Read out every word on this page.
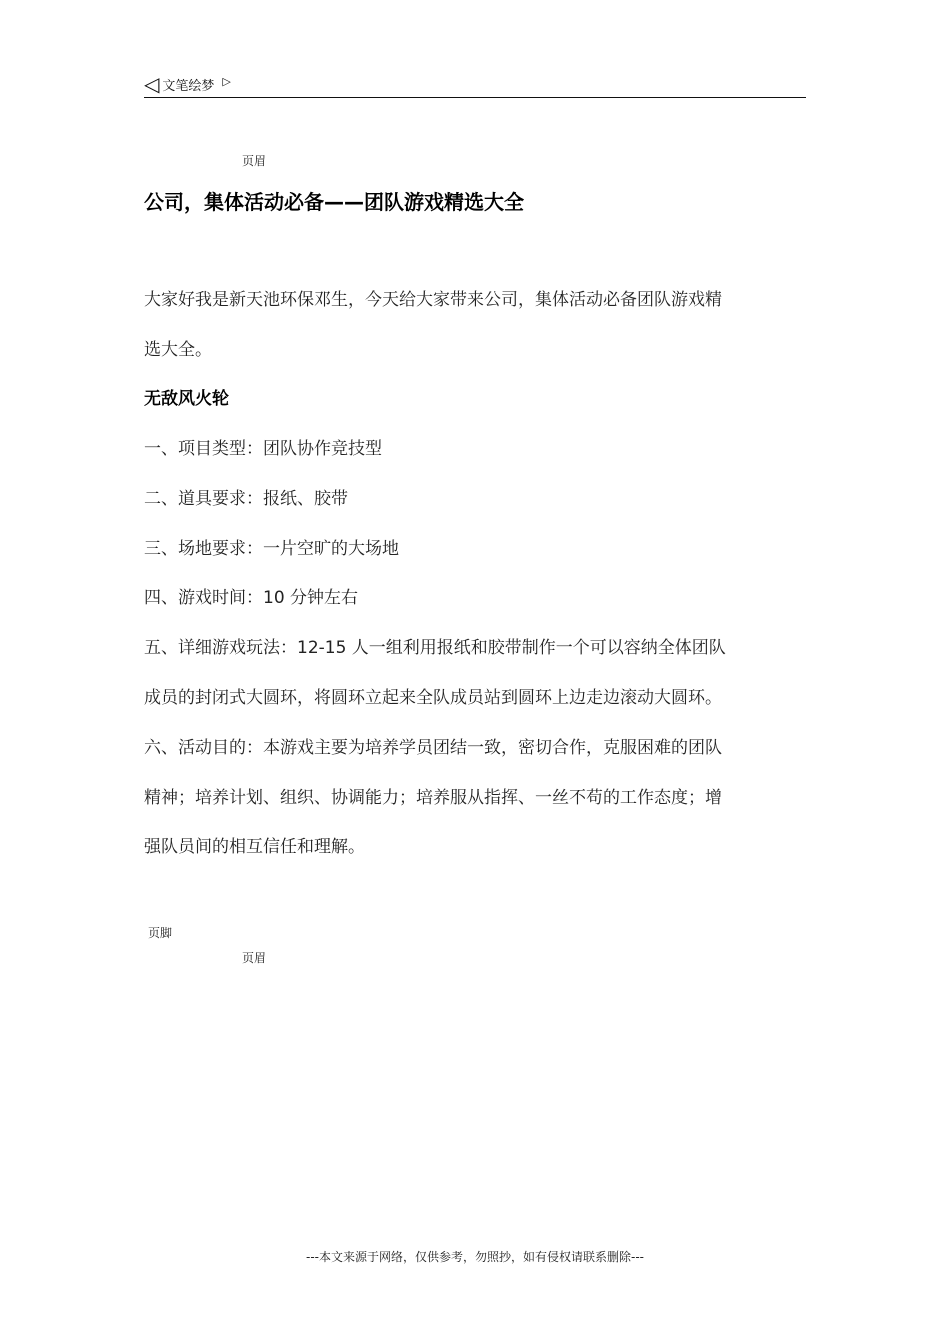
◁ 文笔绘梦 ▷
页眉
公司，集体活动必备——团队游戏精选大全
大家好我是新天池环保邓生，今天给大家带来公司，集体活动必备团队游戏精
选大全。
无敌风火轮
一、项目类型：团队协作竞技型
二、道具要求：报纸、胶带
三、场地要求：一片空旷的大场地
四、游戏时间：10 分钟左右
五、详细游戏玩法：12-15 人一组利用报纸和胶带制作一个可以容纳全体团队
成员的封闭式大圆环，将圆环立起来全队成员站到圆环上边走边滚动大圆环。
六、活动目的：本游戏主要为培养学员团结一致，密切合作，克服困难的团队
精神；培养计划、组织、协调能力；培养服从指挥、一丝不苟的工作态度；增
强队员间的相互信任和理解。
页脚
页眉
---本文来源于网络，仅供参考，勿照抄，如有侵权请联系删除---
